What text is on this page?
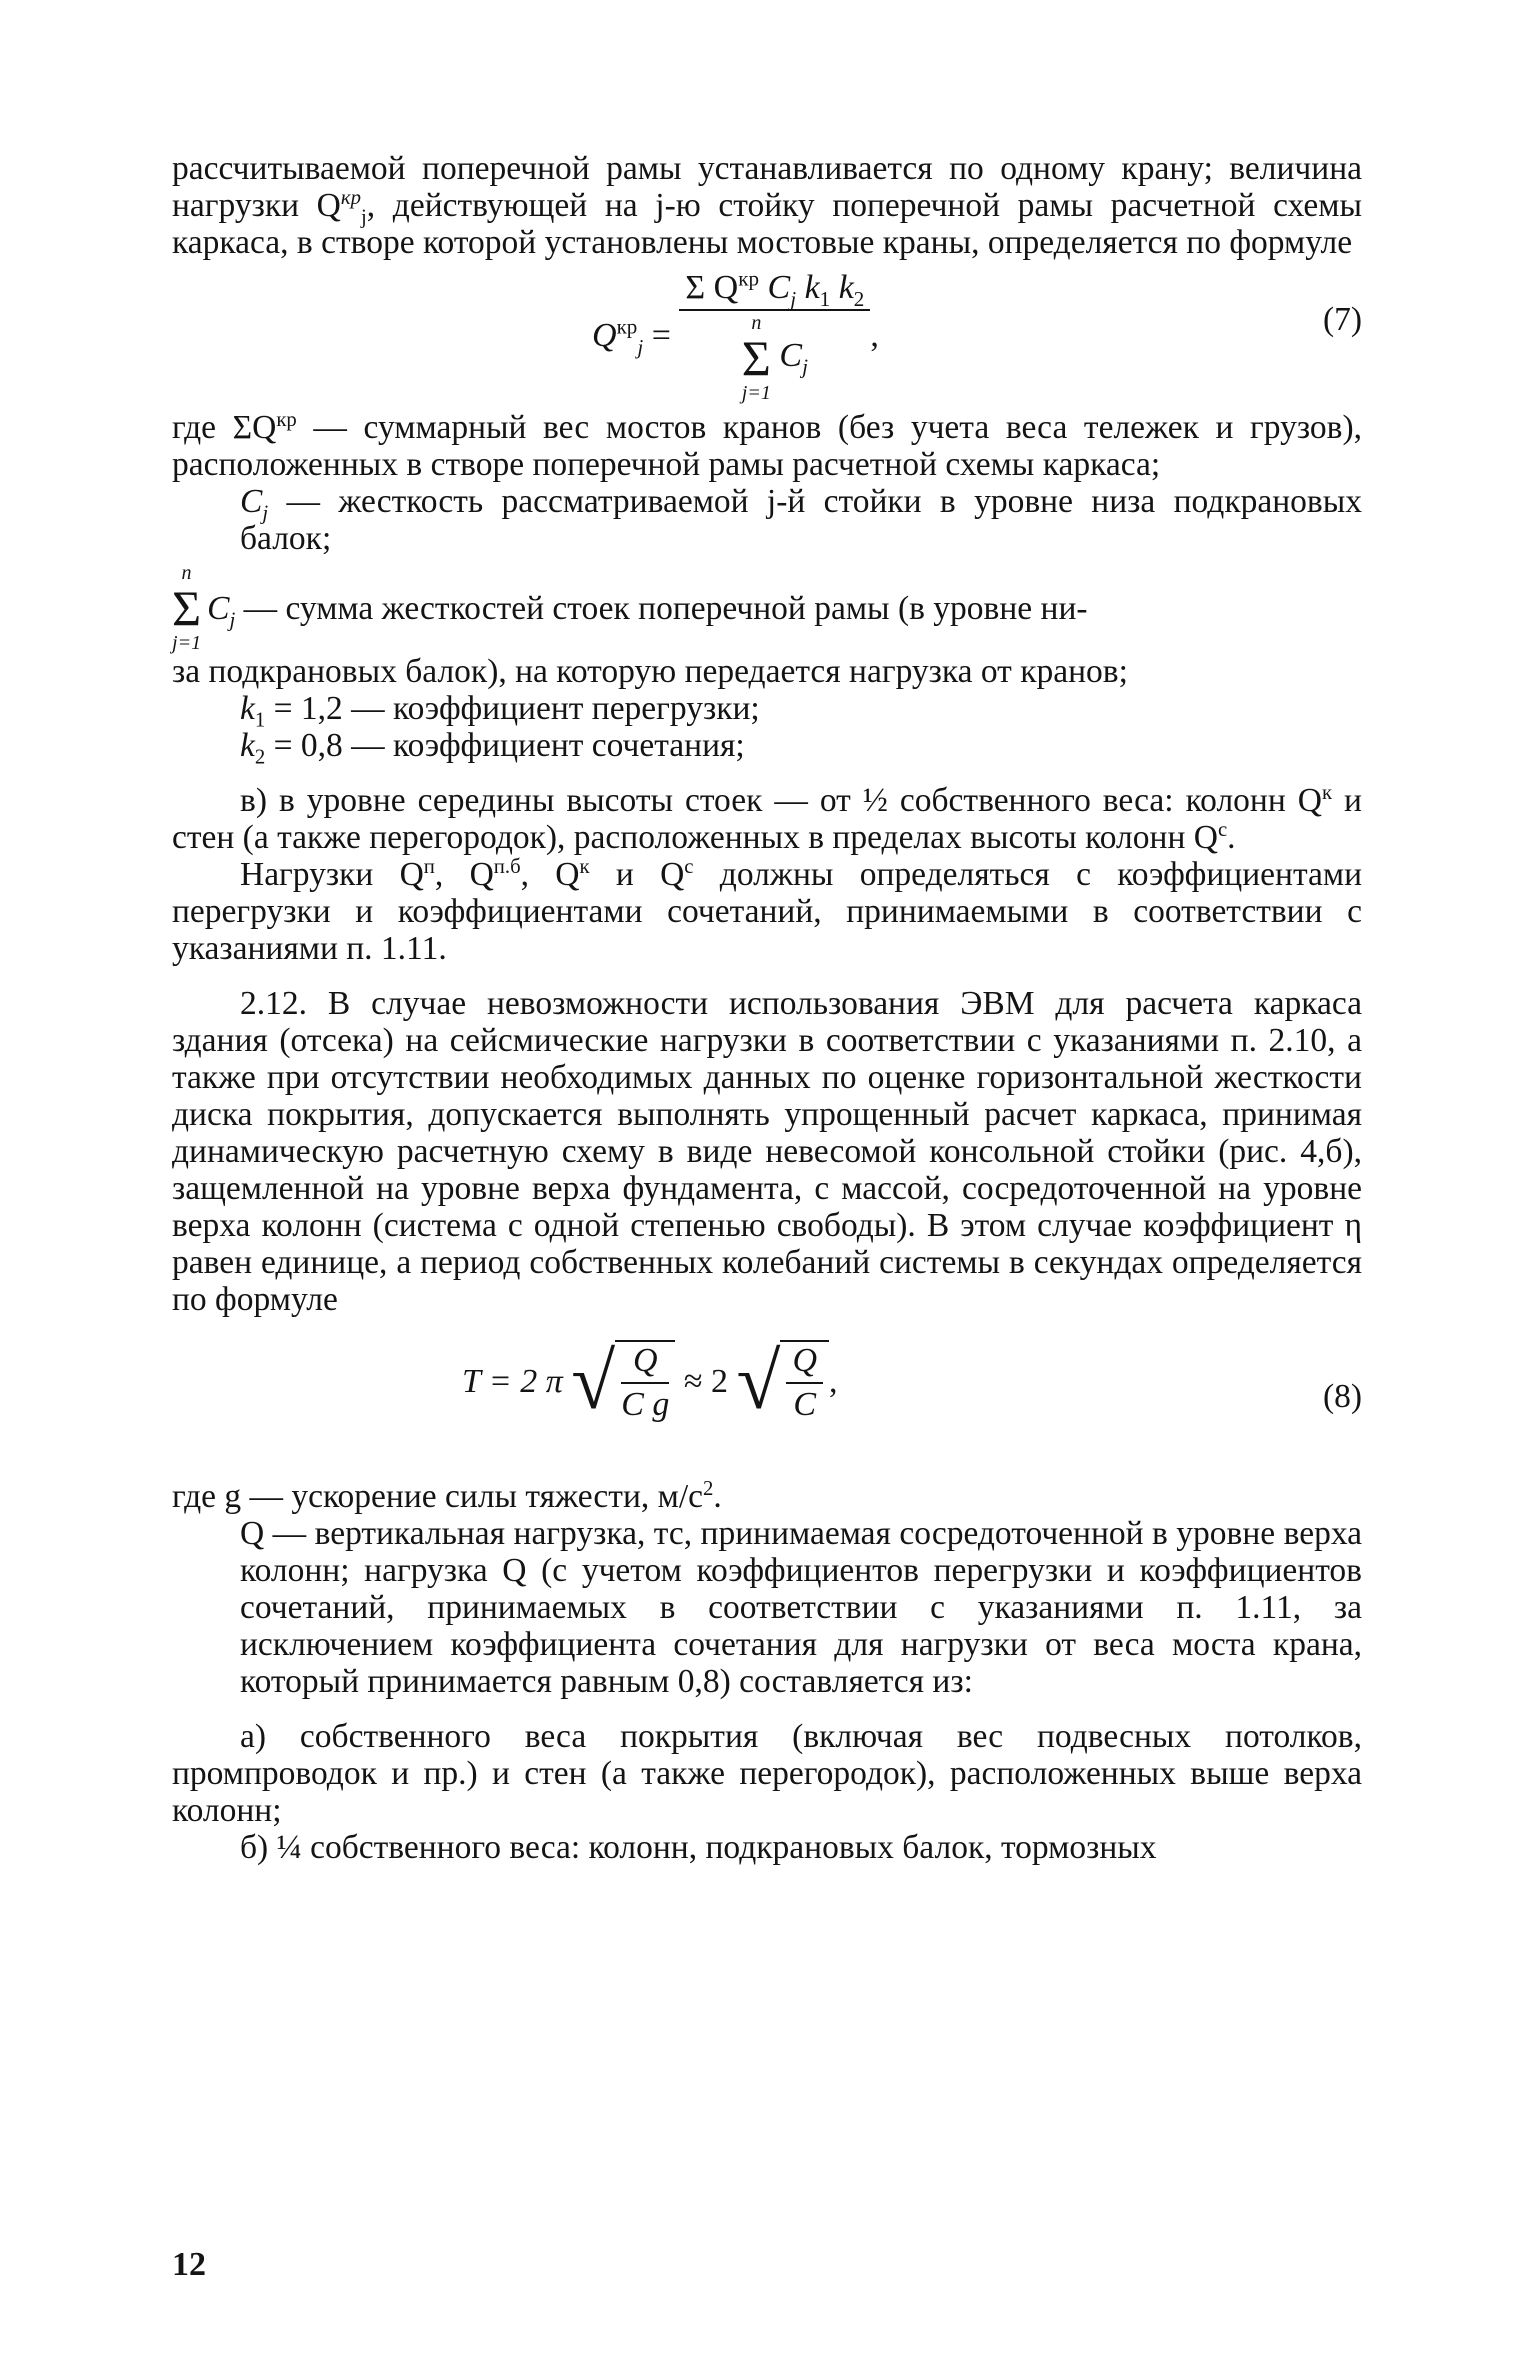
рассчитываемой поперечной рамы устанавливается по одному крану; величина нагрузки $Q^{кр}_j$, действующей на j-ю стойку поперечной рамы расчетной схемы каркаса, в створе которой установлены мостовые краны, определяется по формуле

$Q^{кр}_j = \Sigma$ $Q^{кр}$ $C_j$ $k_1$ $k_2$
n
Σ
j=1
$C_j$ ,	(7)

где $\Sigma Q^{кр}$ — суммарный вес мостов кранов (без учета веса тележек и грузов), расположенных в створе поперечной рамы расчетной схемы каркаса;

$C_j$ — жесткость рассматриваемой j-й стойки в уровне низа подкрановых балок;

n
Σ
j=1

$C_j$ — сумма жесткостей стоек поперечной рамы (в уровне ни-

за подкрановых балок), на которую передается нагрузка от кранов;

$k_1 = 1,2$ — коэффициент перегрузки;

$k_2 = 0,8$ — коэффициент сочетания;

в) в уровне середины высоты стоек — от ½ собственного веса: колонн $Q^к$ и стен (а также перегородок), расположенных в пределах высоты колонн $Q^с$.

Нагрузки $Q^п$, $Q^{п.б}$, $Q^к$ и $Q^с$ должны определяться с коэффициентами перегрузки и коэффициентами сочетаний, принимаемыми в соответствии с указаниями п. 1.11.

2.12. В случае невозможности использования ЭВМ для расчета каркаса здания (отсека) на сейсмические нагрузки в соответствии с указаниями п. 2.10, а также при отсутствии необходимых данных по оценке горизонтальной жесткости диска покрытия, допускается выполнять упрощенный расчет каркаса, принимая динамическую расчетную схему в виде невесомой консольной стойки (рис. 4,б), защемленной на уровне верха фундамента, с массой, сосредоточенной на уровне верха колонн (система с одной степенью свободы). В этом случае коэффициент η равен единице, а период собственных колебаний системы в секундах определяется по формуле

T = 2 π
√ $\frac{Q}{\text{C g}}$
≈ 2
√ $\frac{Q}{C}$ ,	(8)

где g — ускорение силы тяжести, $м/с^2$.

Q — вертикальная нагрузка, тс, принимаемая сосредоточенной в уровне верха колонн; нагрузка Q (с учетом коэффициентов перегрузки и коэффициентов сочетаний, принимаемых в соответствии с указаниями п. 1.11, за исключением коэффициента сочетания для нагрузки от веса моста крана, который принимается равным 0,8) составляется из:

а) собственного веса покрытия (включая вес подвесных потолков, промпроводок и пр.) и стен (а также перегородок), расположенных выше верха колонн;

б) ¼ собственного веса: колонн, подкрановых балок, тормозных

12
